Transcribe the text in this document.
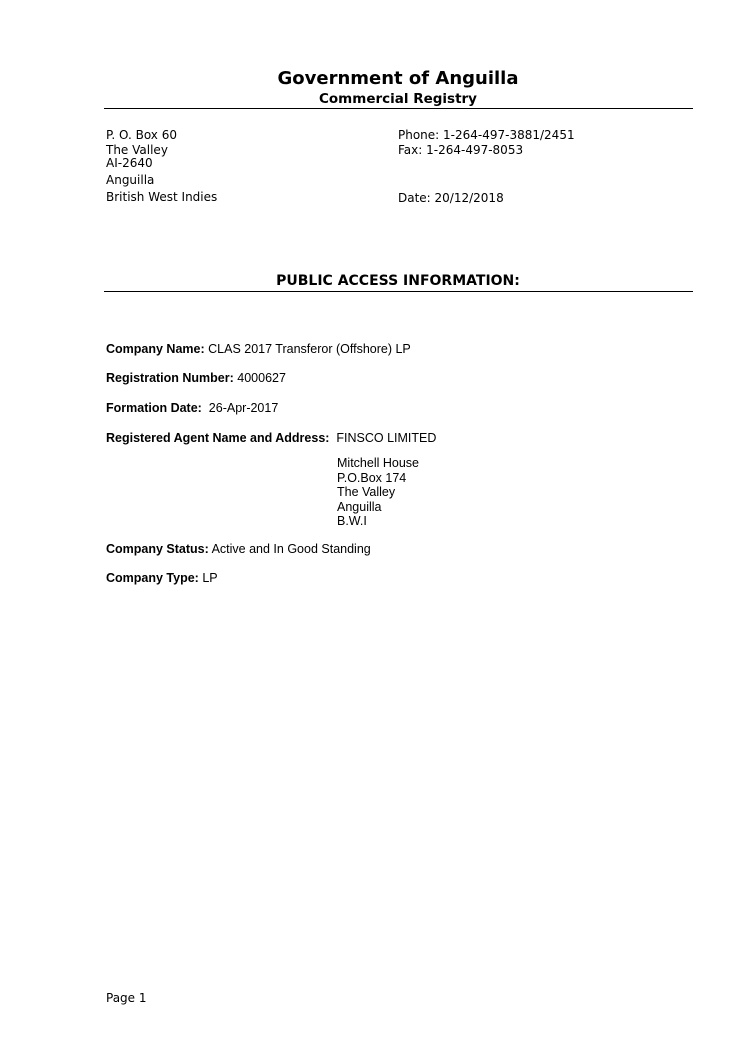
Government of Anguilla
Commercial Registry
P. O. Box 60
The Valley
AI-2640
Anguilla
British West Indies
Phone: 1-264-497-3881/2451
Fax: 1-264-497-8053
Date: 20/12/2018
PUBLIC ACCESS INFORMATION:
Company Name: CLAS 2017 Transferor (Offshore) LP
Registration Number: 4000627
Formation Date: 26-Apr-2017
Registered Agent Name and Address: FINSCO LIMITED
Mitchell House
P.O.Box 174
The Valley
Anguilla
B.W.I
Company Status: Active and In Good Standing
Company Type: LP
Page 1
